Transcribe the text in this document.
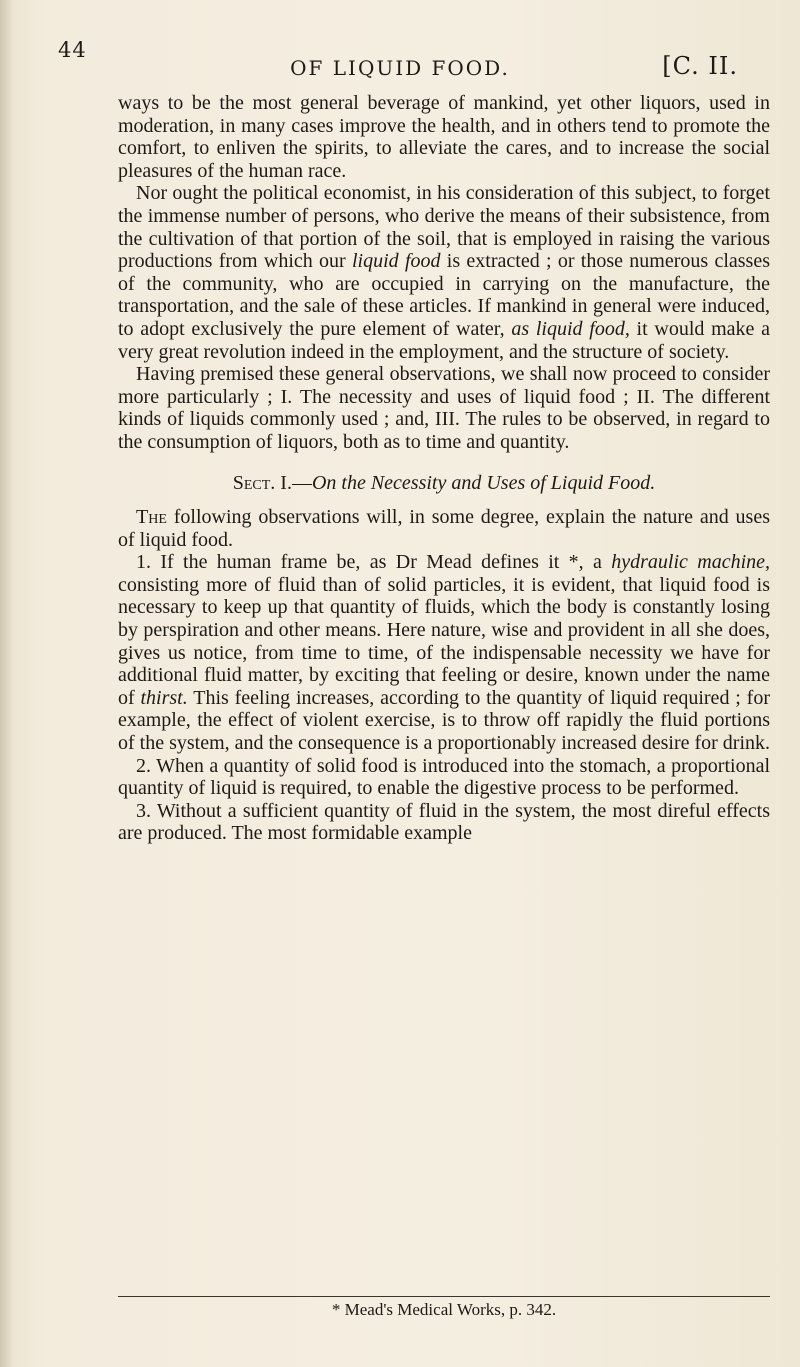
44
OF LIQUID FOOD.	[C. II.

ways to be the most general beverage of mankind, yet other liquors, used in moderation, in many cases improve the health, and in others tend to promote the comfort, to enliven the spirits, to alleviate the cares, and to increase the social pleasures of the human race.

Nor ought the political economist, in his consideration of this subject, to forget the immense number of persons, who derive the means of their subsistence, from the cultivation of that portion of the soil, that is employed in raising the various productions from which our liquid food is extracted ; or those numerous classes of the community, who are occupied in carrying on the manufacture, the transportation, and the sale of these articles. If mankind in general were induced, to adopt exclusively the pure element of water, as liquid food, it would make a very great revolution indeed in the employment, and the structure of society.

Having premised these general observations, we shall now proceed to consider more particularly ; I. The necessity and uses of liquid food ; II. The different kinds of liquids commonly used ; and, III. The rules to be observed, in regard to the consumption of liquors, both as to time and quantity.

Sect. I.—On the Necessity and Uses of Liquid Food.

The following observations will, in some degree, explain the nature and uses of liquid food.

1. If the human frame be, as Dr Mead defines it *, a hydraulic machine, consisting more of fluid than of solid particles, it is evident, that liquid food is necessary to keep up that quantity of fluids, which the body is constantly losing by perspiration and other means. Here nature, wise and provident in all she does, gives us notice, from time to time, of the indispensable necessity we have for additional fluid matter, by exciting that feeling or desire, known under the name of thirst. This feeling increases, according to the quantity of liquid required ; for example, the effect of violent exercise, is to throw off rapidly the fluid portions of the system, and the consequence is a proportionably increased desire for drink.

2. When a quantity of solid food is introduced into the stomach, a proportional quantity of liquid is required, to enable the digestive process to be performed.

3. Without a sufficient quantity of fluid in the system, the most direful effects are produced. The most formidable example

* Mead's Medical Works, p. 342.
